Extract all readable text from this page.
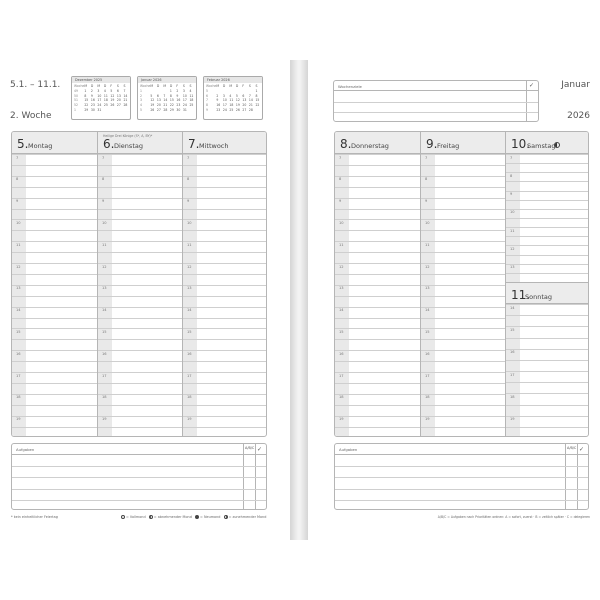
5.1. – 11.1.
2. Woche
Dezember 2025
Woche	M	D	M	D	F	S	S
49	1	2	3	4	5	6	7
50	8	9	10	11	12	13	14
51	15	16	17	18	19	20	21
52	22	23	24	25	26	27	28
1	29	30	31				
Januar 2026
Woche	M	D	M	D	F	S	S
1				1	2	3	4
2	5	6	7	8	9	10	11
3	12	13	14	15	16	17	18
4	19	20	21	22	23	24	25
5	26	27	28	29	30	31	
Februar 2026
Woche	M	D	M	D	F	S	S
5							1
6	2	3	4	5	6	7	8
7	9	10	11	12	13	14	15
8	16	17	18	19	20	21	22
9	23	24	25	26	27	28	
5. Montag
7
8
9
10
11
12
13
14
15
16
17
18
19
Heilige Drei Könige (S*, A, BY)*
6. Dienstag
7
8
9
10
11
12
13
14
15
16
17
18
19
7. Mittwoch
7
8
9
10
11
12
13
14
15
16
17
18
19
Aufgaben	A/B/C ✓
* kein einheitlicher Feiertag	= Vollmond = abnehmender Mond = Neumond = zunehmender Mond
Wochenziele	✓	Januar
2026
8. Donnerstag
7
8
9
10
11
12
13
14
15
16
17
18
19
9. Freitag
7
8
9
10
11
12
13
14
15
16
17
18
19
10.
Samstag
11.
Sonntag
7
8
9
10
11
12
13
14
15
16
17
18
19
Aufgaben	A/B/C ✓
A/B/C = Aufgaben nach Prioritäten ordnen: A = sofort, zuerst · B = zeitlich später · C = delegieren
